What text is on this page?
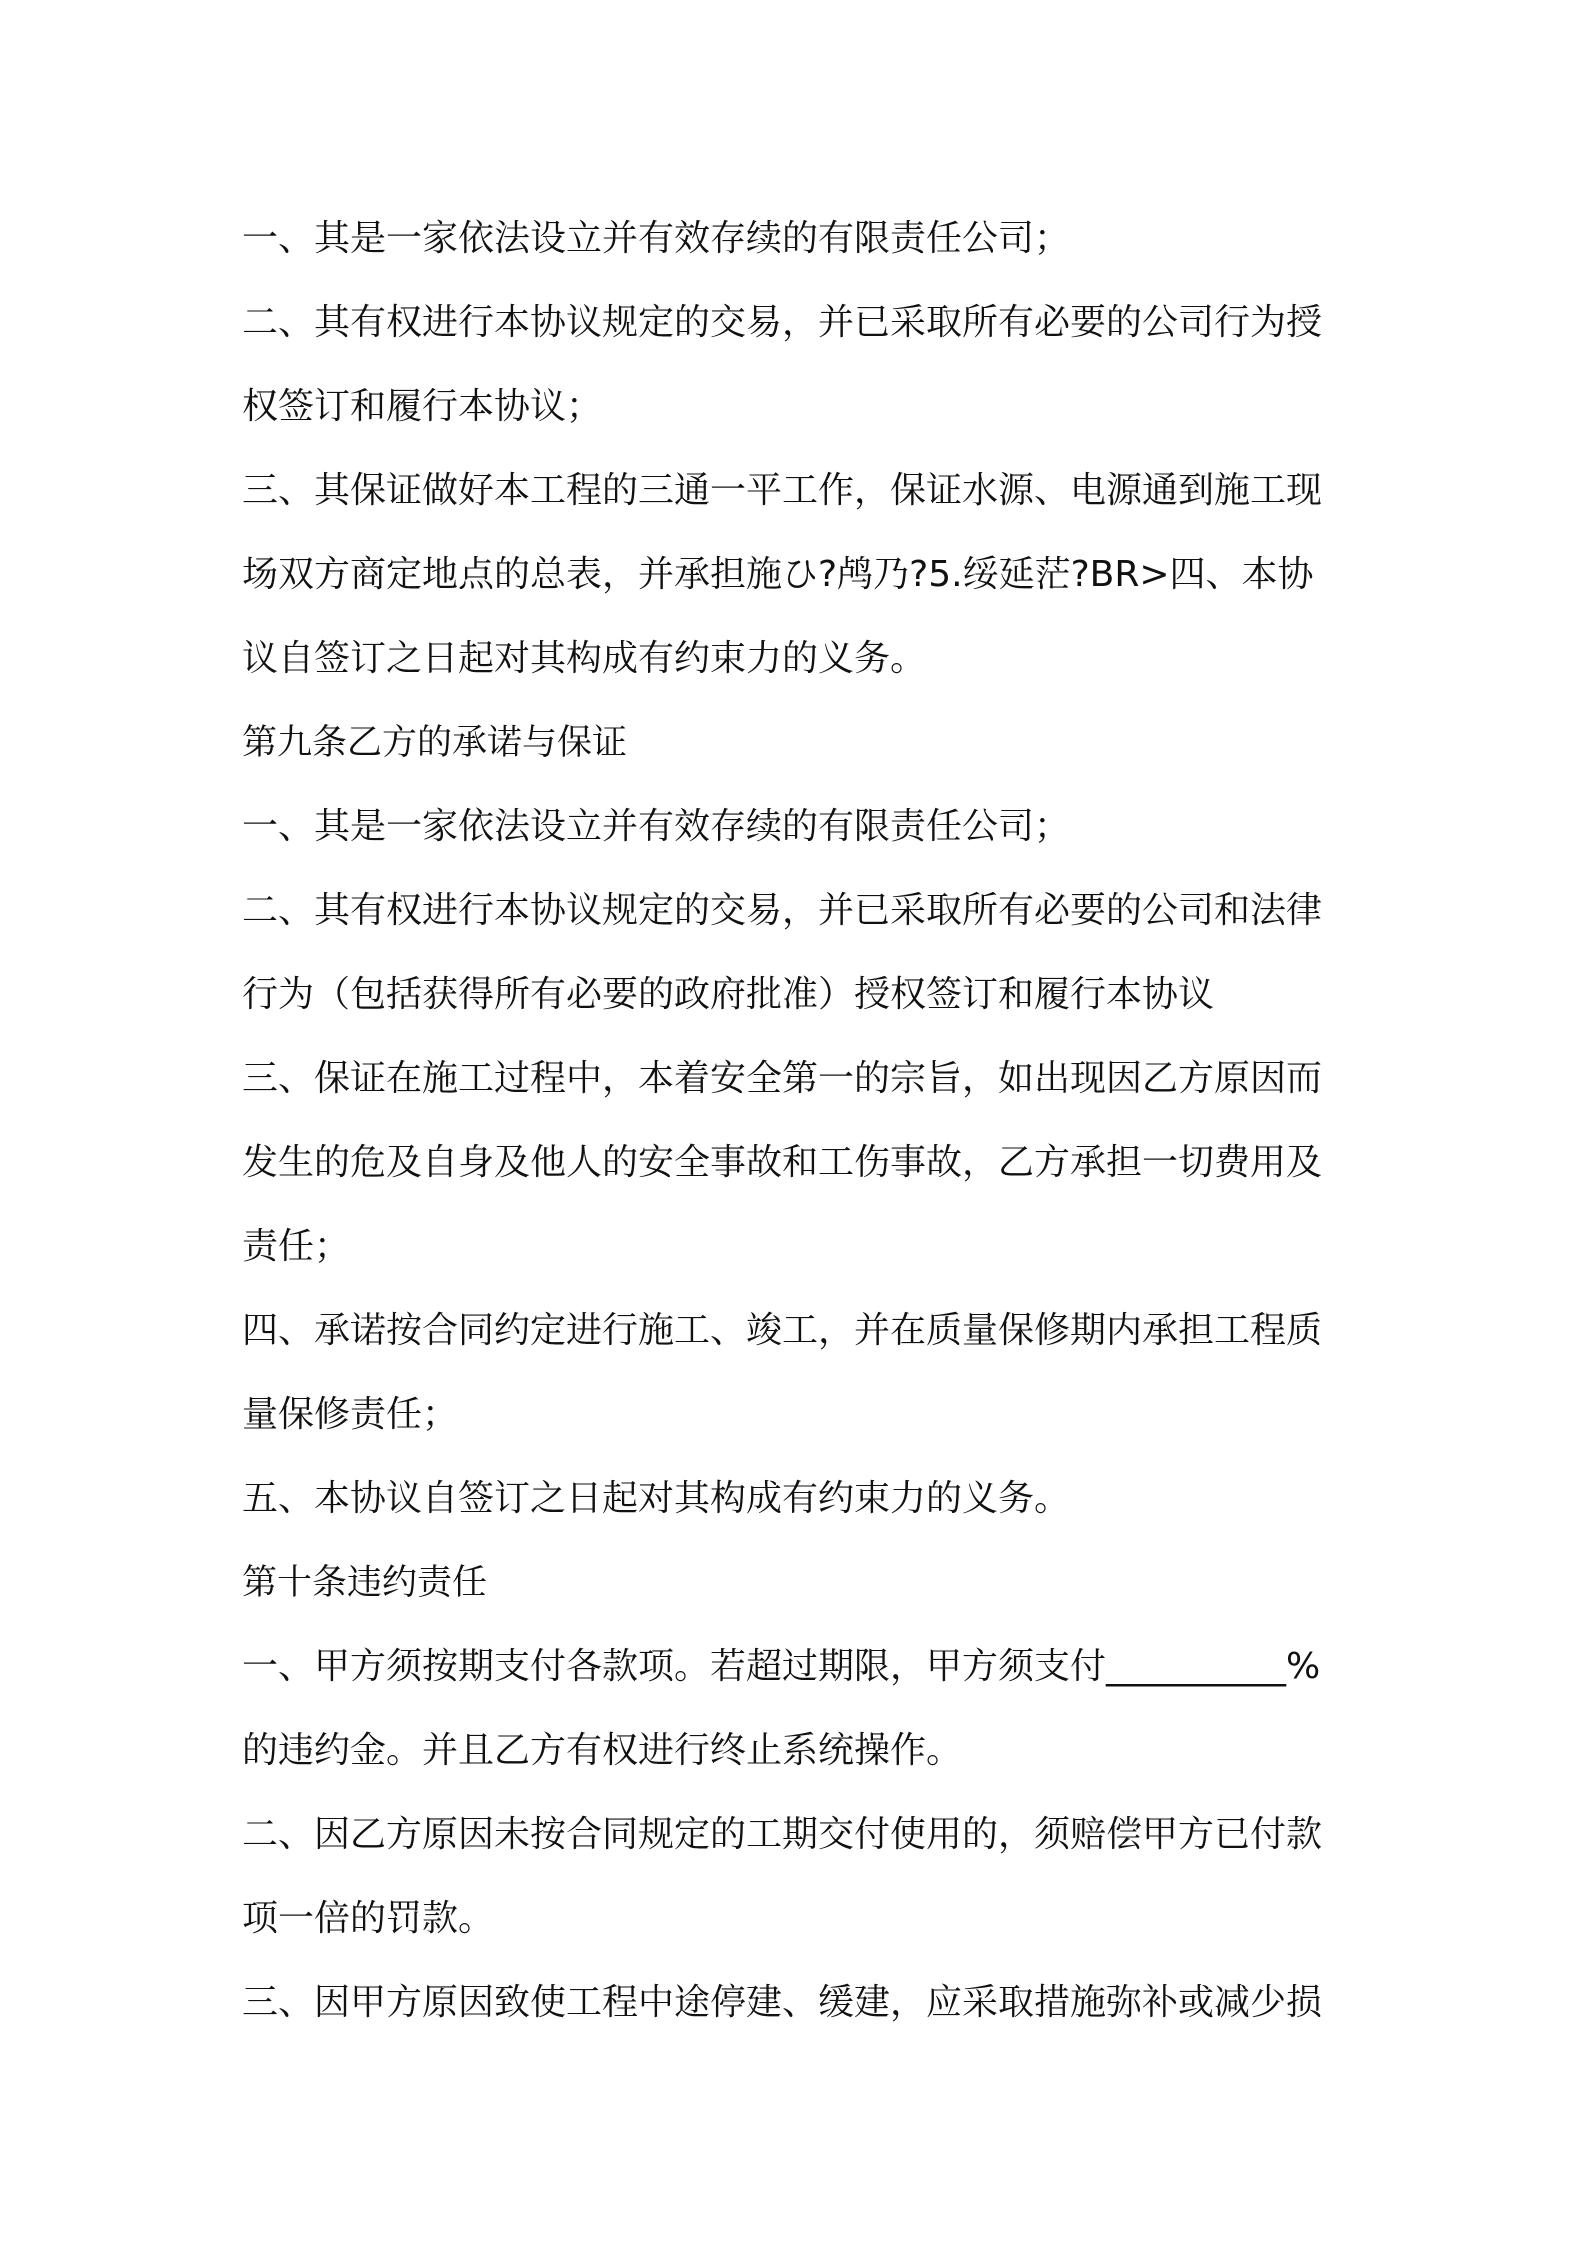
一、其是一家依法设立并有效存续的有限责任公司；
二、其有权进行本协议规定的交易，并已采取所有必要的公司行为授
权签订和履行本协议；
三、其保证做好本工程的三通一平工作，保证水源、电源通到施工现
场双方商定地点的总表，并承担施ひ?鸬乃?5.绥延茫?BR>四、本协
议自签订之日起对其构成有约束力的义务。
第九条乙方的承诺与保证
一、其是一家依法设立并有效存续的有限责任公司；
二、其有权进行本协议规定的交易，并已采取所有必要的公司和法律
行为（包括获得所有必要的政府批准）授权签订和履行本协议
三、保证在施工过程中，本着安全第一的宗旨，如出现因乙方原因而
发生的危及自身及他人的安全事故和工伤事故，乙方承担一切费用及
责任；
四、承诺按合同约定进行施工、竣工，并在质量保修期内承担工程质
量保修责任；
五、本协议自签订之日起对其构成有约束力的义务。
第十条违约责任
一、甲方须按期支付各款项。若超过期限，甲方须支付__________%
的违约金。并且乙方有权进行终止系统操作。
二、因乙方原因未按合同规定的工期交付使用的，须赔偿甲方已付款
项一倍的罚款。
三、因甲方原因致使工程中途停建、缓建，应采取措施弥补或减少损
